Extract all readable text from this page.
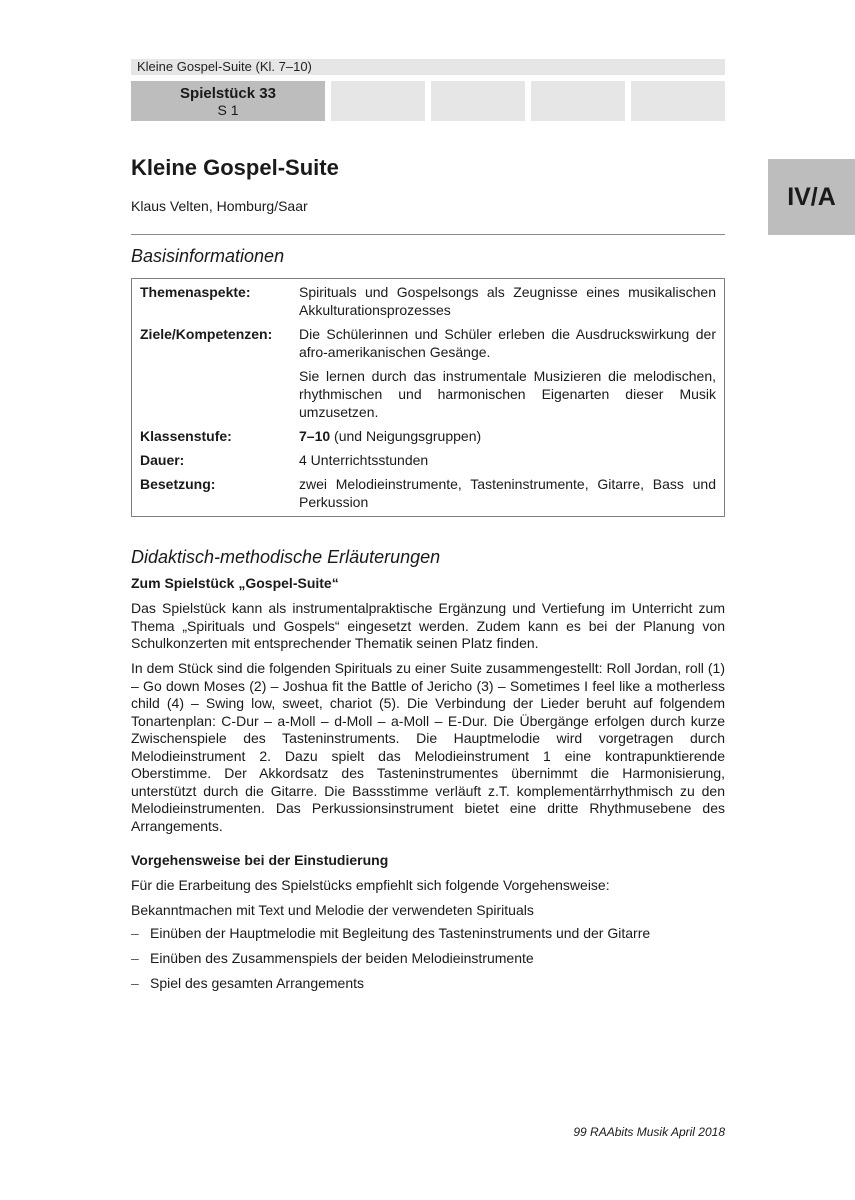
Kleine Gospel-Suite (Kl. 7–10)
Spielstück 33
S 1
IV/A
Kleine Gospel-Suite
Klaus Velten, Homburg/Saar
Basisinformationen
Themenaspekte:	Spirituals und Gospelsongs als Zeugnisse eines musikalischen Akkulturationsprozesses

Ziele/Kompetenzen:	Die Schülerinnen und Schüler erleben die Ausdruckswirkung der afro-amerikanischen Gesänge.

Sie lernen durch das instrumentale Musizieren die melodischen, rhythmischen und harmonischen Eigenarten dieser Musik umzusetzen.

Klassenstufe:	7–10 (und Neigungsgruppen)
Dauer:	4 Unterrichtsstunden

Besetzung:	zwei Melodieinstrumente, Tasteninstrumente, Gitarre, Bass und Perkussion

Didaktisch-methodische Erläuterungen
Zum Spielstück „Gospel-Suite“

Das Spielstück kann als instrumentalpraktische Ergänzung und Vertiefung im Unterricht zum Thema „Spirituals und Gospels“ eingesetzt werden. Zudem kann es bei der Planung von Schulkonzerten mit entsprechender Thematik seinen Platz finden.

In dem Stück sind die folgenden Spirituals zu einer Suite zusammengestellt: Roll Jordan, roll (1) – Go down Moses (2) – Joshua fit the Battle of Jericho (3) – Sometimes I feel like a motherless child (4) – Swing low, sweet, chariot (5). Die Verbindung der Lieder beruht auf folgendem Tonartenplan: C-Dur – a-Moll – d-Moll – a-Moll – E-Dur. Die Übergänge erfolgen durch kurze Zwischenspiele des Tasteninstruments. Die Hauptmelodie wird vorgetragen durch Melodieinstrument 2. Dazu spielt das Melodieinstrument 1 eine kontrapunktierende Oberstimme. Der Akkordsatz des Tasteninstrumentes übernimmt die Harmonisierung, unterstützt durch die Gitarre. Die Bassstimme verläuft z.T. komplementärrhythmisch zu den Melodieinstrumenten. Das Perkussionsinstrument bietet eine dritte Rhythmusebene des Arrangements.

Vorgehensweise bei der Einstudierung

Für die Erarbeitung des Spielstücks empfiehlt sich folgende Vorgehensweise:

Bekanntmachen mit Text und Melodie der verwendeten Spirituals

– Einüben der Hauptmelodie mit Begleitung des Tasteninstruments und der Gitarre
– Einüben des Zusammenspiels der beiden Melodieinstrumente
– Spiel des gesamten Arrangements
99 RAAbits Musik April 2018
